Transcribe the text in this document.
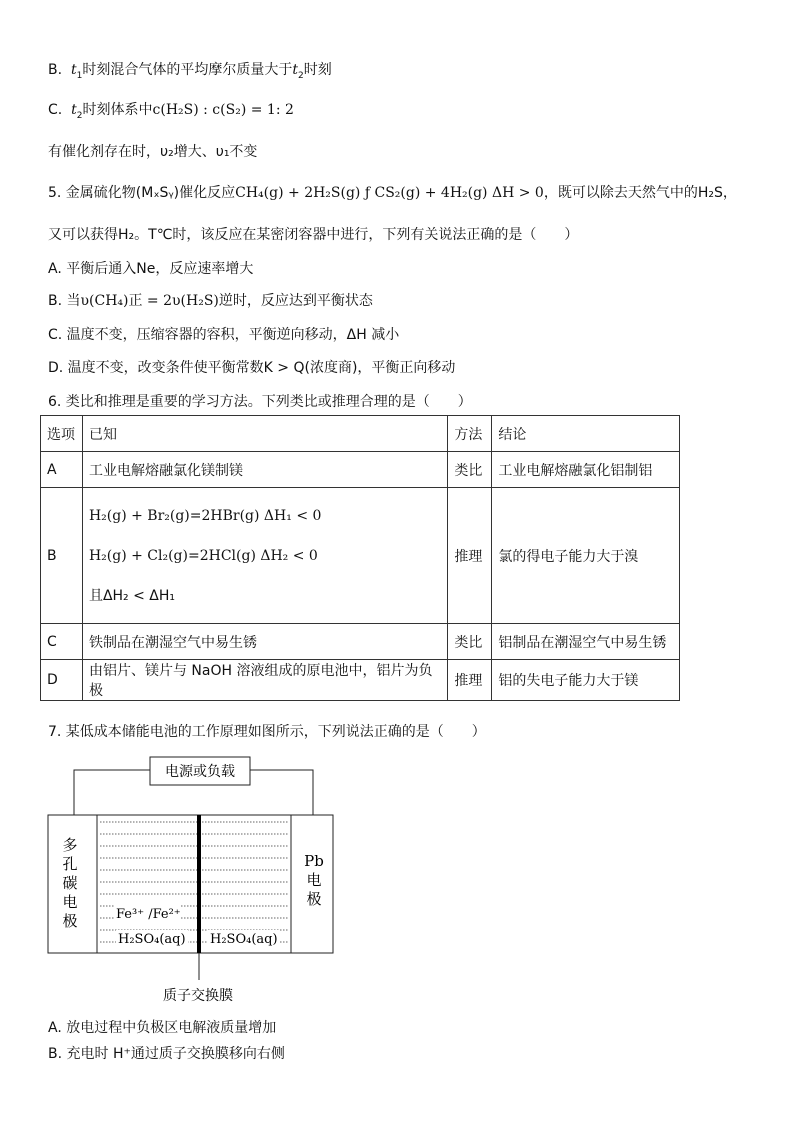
B. $t_1$时刻混合气体的平均摩尔质量大于$t_2$时刻
C. $t_2$时刻体系中c(H₂S) : c(S₂) = 1: 2
有催化剂存在时，υ₂增大、υ₁不变
5. 金属硫化物(MₓSᵧ)催化反应CH₄(g) + 2H₂S(g) ƒ CS₂(g) + 4H₂(g) ΔH > 0，既可以除去天然气中的H₂S，
又可以获得H₂。T℃时，该反应在某密闭容器中进行，下列有关说法正确的是（　　）
A. 平衡后通入Ne，反应速率增大
B. 当υ(CH₄)正 = 2υ(H₂S)逆时，反应达到平衡状态
C. 温度不变，压缩容器的容积，平衡逆向移动，ΔH 减小
D. 温度不变，改变条件使平衡常数K > Q(浓度商)，平衡正向移动
6. 类比和推理是重要的学习方法。下列类比或推理合理的是（　　）
选项	已知	方法	结论
A	工业电解熔融氯化镁制镁	类比	工业电解熔融氯化铝制铝
B	H₂(g) + Br₂(g)=2HBr(g) ΔH₁ < 0
H₂(g) + Cl₂(g)=2HCl(g) ΔH₂ < 0
且ΔH₂ < ΔH₁	推理	氯的得电子能力大于溴
C	铁制品在潮湿空气中易生锈	类比	铝制品在潮湿空气中易生锈
D	由铝片、镁片与 NaOH 溶液组成的原电池中，铝片为负极	推理	铝的失电子能力大于镁
7. 某低成本储能电池的工作原理如图所示，下列说法正确的是（　　）
电源或负载
多
孔
碳
电
极
Pb
电
极
Fe³⁺ /Fe²⁺
H₂SO₄(aq) H₂SO₄(aq)
质子交换膜
A. 放电过程中负极区电解液质量增加
B. 充电时 H⁺通过质子交换膜移向右侧
